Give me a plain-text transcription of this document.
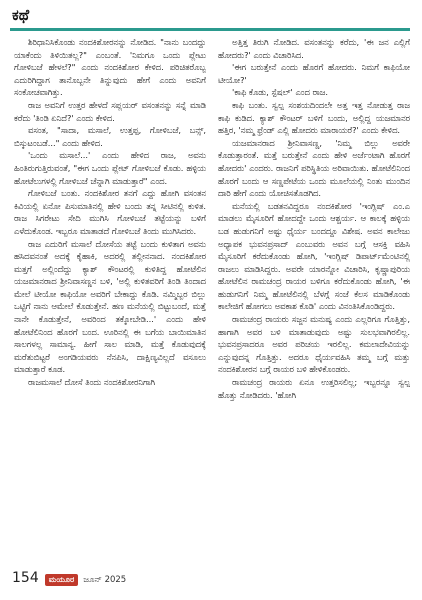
ಕಥೆ

ಶಿರಿಧಾನಿಸಿಕೊಂಡು ನಂದಕಿಶೋರನನ್ನು ನೋಡಿದ. "ನಾನು ಬಂದದ್ದು ಯಾಕೆಂದು ತಿಳಿಯಿತಲ್ಲ?" ಎಂಬಂತೆ. 'ನಿಮಗೂ ಒಂದು ಪ್ಲೇಟು ಗೋಳಿಬಜೆ ಹೇಳಲೆ?" ಎಂದು ನಂದಕಿಶೋರ ಕೇಳಿದ. ಪರಿಚಿತರೊಬ್ಬ ಎದುರಿಗಿದ್ದಾಗ ತಾನೊಬ್ಬನೇ ತಿನ್ನುವುದು ಹೇಗೆ ಎಂದು ಅವನಿಗೆ ಸಂಕೋಚವಾಗಿತ್ತು.

ರಾಜ ಅವನಿಗೆ ಉತ್ತರ ಹೇಳದೆ ಸಪ್ಲಯರ್ ವಸಂತನನ್ನು ಸನ್ನೆ ಮಾಡಿ ಕರೆದು 'ತಿಂಡಿ ಏನಿದೆ?' ಎಂದು ಕೇಳಿದ.

ವಸಂತ, "ಸಾದಾ, ಮಸಾಲೆ, ಉತ್ತಪ್ಪ, ಗೋಳಿಬಜೆ, ಬನ್ಸ್, ಬಿಸ್ಕುಟಂಬಡೆ..." ಎಂದು ಹೇಳಿದ.

'ಒಂದು ಮಸಾಲೆ...' ಎಂದು ಹೇಳಿದ ರಾಜ, ಅವನು ಹಿಂತಿರುಗುತ್ತಿರುವಂತೆ, "ಈಗ ಒಂದು ಪ್ಲೇಟ್ ಗೋಳಿಬಜೆ ಕೊಡು. ಹಳ್ಳಿಯ ಹೋಟೆಲುಗಳಲ್ಲಿ ಗೋಳಿಬಜೆ ಚೆನ್ನಾಗಿ ಮಾಡುತ್ತಾರೆ" ಎಂದ.

ಗೋಳಿಬಜೆ ಬಂತು. ನಂದಕಿಶೋರ ತನಗೆ ಎದ್ದು ಹೋಗಿ ವಸಂತನ ಕಿವಿಯಲ್ಲಿ ಏನೋ ಪಿಸುಮಾತಿನಲ್ಲಿ ಹೇಳಿ ಬಂದು ತನ್ನ ಸೀಟಿನಲ್ಲಿ ಕುಳಿತ. ರಾಜ ಸಿಗರೇಟು ಸೇದಿ ಮುಗಿಸಿ ಗೋಳಿಬಜೆ ತಟ್ಟೆಯನ್ನು ಬಳಿಗೆ ಎಳೆದುಕೊಂಡ. ಇಬ್ಬರೂ ಮಾತಾಡದೆ ಗೋಳಿಬಜೆ ತಿಂದು ಮುಗಿಸಿದರು.

ರಾಜ ಎದುರಿಗೆ ಮಸಾಲೆ ದೋಸೆಯ ತಟ್ಟೆ ಬಂದು ಕುಳಿತಾಗ ಅವನು ಹಸಿದವನಂತೆ ಅದಕ್ಕೆ ಕೈಹಾಕಿ, ಅದರಲ್ಲಿ ತಲ್ಲೀನನಾದ. ನಂದಕಿಶೋರ ಮತ್ತಗೆ ಅಲ್ಲಿಂದೆದ್ದು ಕ್ಯಾಶ್ ಕೌಂಟರಲ್ಲಿ ಕುಳಿತಿದ್ದ ಹೋಟೆಲಿನ ಯಜಮಾನರಾದ ಶ್ರೀನಿವಾಸಣ್ಣನ ಬಳಿ, 'ಅಲ್ಲಿ ಕುಳಿತವರಿಗೆ ತಿಂಡಿ ತಿಂದಾದ ಮೇಲೆ ಟೀಯೋ ಕಾಫಿಯೋ ಅವರಿಗೆ ಬೇಕಾದ್ದು ಕೊಡಿ. ನಮ್ಮಿಬ್ಬರ ಬಿಲ್ಲು ಒಟ್ಟಿಗೆ ನಾನು ಆಮೇಲೆ ಕೊಡುತ್ತೇನೆ. ಹಣ ಮನೆಯಲ್ಲಿ ಬಿಟ್ಟುಬಂದೆ, ಮತ್ತೆ ನಾನೇ ಕೊಡುತ್ತೇನೆ, ಅವರಿಂದ ತಕ್ಕೋಬೇಡಿ...' ಎಂದು ಹೇಳಿ ಹೋಟೆಲಿನಿಂದ ಹೊರಗೆ ಬಂದ. ಊರಿನಲ್ಲಿ ಈ ಬಗೆಯ ಬಾಯಿಮಾತಿನ ಸಾಲಗಳಲ್ಲ ಸಾಮಾನ್ಯ. ಹೀಗೆ ಸಾಲ ಮಾಡಿ, ಮತ್ತೆ ಕೊಡುವುದಕ್ಕೆ ಮರೆತುಬಿಟ್ಟರೆ ಅಂಗಡಿಯವರು ನೆನಪಿಸಿ, ದಾಕ್ಷಿಣ್ಯವಿಲ್ಲದೆ ವಸೂಲು ಮಾಡುತ್ತಾರೆ ಕೂಡ.

ರಾಜಮಸಾಲೆ ದೋಸೆ ತಿಂದು ನಂದಕಿಶೋರನಿಗಾಗಿ

ಅತ್ತಿತ್ತ ತಿರುಗಿ ನೋಡಿದ. ವಸಂತನನ್ನು ಕರೆದು, 'ಈ ಜನ ಎಲ್ಲಿಗೆ ಹೋದರು?' ಎಂದು ವಿಚಾರಿಸಿದ.

'ಈಗ ಬರುತ್ತೇನೆ ಎಂದು ಹೊರಗೆ ಹೋದರು. ನಿಮಗೆ ಕಾಫಿಯೋ ಟೀಯೋ?'

'ಕಾಫಿ ಕೊಡು, ಸ್ಪೆಷಲ್' ಎಂದ ರಾಜ.

ಕಾಫಿ ಬಂತು. ಸ್ವಲ್ಪ ಸಂಶಯದಿಂದಲೇ ಅತ್ತ ಇತ್ತ ನೋಡುತ್ತ ರಾಜ ಕಾಫಿ ಕುಡಿದ. ಕ್ಯಾಶ್ ಕೌಂಟರ್ ಬಳಿಗೆ ಬಂದು, ಅಲ್ಲಿದ್ದ ಯಜಮಾನರ ಹತ್ತಿರ, 'ನಮ್ಮ ಫ್ರೆಂಡ್ ಎಲ್ಲಿ ಹೋದರು ಮಾರಾಯರೆ?' ಎಂದು ಕೇಳಿದ.

ಯಜಮಾನರಾದ ಶ್ರೀನಿವಾಸಣ್ಣ, 'ನಿಮ್ಮ ಬಿಲ್ಲು ಅವರೇ ಕೊಡುತ್ತಾರಂತೆ. ಮತ್ತೆ ಬರುತ್ತೇನೆ ಎಂದು ಹೇಳಿ ಅರ್ಜೆಂಟಾಗಿ ಹೊರಗೆ ಹೋದರು' ಎಂದರು. ರಾಜನಿಗೆ ಪರಿಸ್ಥಿತಿಯ ಅರಿವಾಯಿತು. ಹೋಟೆಲಿನಿಂದ ಹೊರಗೆ ಬಂದು ಆ ಸಣ್ಣಪೇಟೆಯ ಒಂದು ಮೂಲೆಯಲ್ಲಿ ನಿಂತು ಮುಂದಿನ ದಾರಿ ಹೇಗೆ ಎಂದು ಯೋಚಿಸತೊಡಗಿದ.

ಮನೆಯಲ್ಲಿ ಬಡತನವಿದ್ದರೂ ನಂದಕಿಶೋರ 'ಇಂಗ್ಲಿಷ್ ಎಂ.ಎ ಮಾಡಲು ಮೈಸೂರಿಗೆ ಹೋದದ್ದೇ ಒಂದು ಆಶ್ಚರ್ಯ. ಆ ಕಾಲಕ್ಕೆ ಹಳ್ಳಿಯ ಬಡ ಹುಡುಗನಿಗೆ ಅಷ್ಟು ಧೈರ್ಯ ಬಂದದ್ದೂ ವಿಶೇಷ. ಅವನ ಕಾಲೇಜು ಅಧ್ಯಾಪಕ ಭುವನಪ್ರಸಾದ್ ಎಂಬುವರು ಅವನ ಬಗ್ಗೆ ಆಸಕ್ತಿ ವಹಿಸಿ ಮೈಸೂರಿಗೆ ಕರೆದುಕೊಂಡು ಹೋಗಿ, 'ಇಂಗ್ಲಿಷ್ ಡಿಪಾರ್ಟ್‌ಮೆಂಟಿನಲ್ಲಿ ರಾಜಲು ಮಾಡಿಸಿದ್ದರು. ಅವರೇ ಯಾರನ್ನೋ ವಿಚಾರಿಸಿ, ಕೃಷ್ಣಾಪುರಿಯ ಹೋಟೆಲಿನ ರಾಮಚಂದ್ರ ರಾಯರ ಬಳಿಗೂ ಕರೆದುಕೊಂಡು ಹೋಗಿ, 'ಈ ಹುಡುಗನಿಗೆ ನಿಮ್ಮ ಹೋಟೆಲಿನಲ್ಲಿ ಬೆಳಗ್ಗೆ ಸಂಜೆ ಕೆಲಸ ಮಾಡಿಕೊಂಡು ಕಾಲೇಜಿಗೆ ಹೋಗಲು ಅವಕಾಶ ಕೊಡಿ' ಎಂದು ವಿನಂತಿಸಿಕೊಂಡಿದ್ದರು.

ರಾಮಚಂದ್ರ ರಾಯರು ಸಜ್ಜನ ಮನುಷ್ಯ ಎಂದು ಎಲ್ಲರಿಗೂ ಗೊತ್ತಿತ್ತು, ಹಾಗಾಗಿ ಅವರ ಬಳಿ ಮಾತಾಡುವುದು ಅಷ್ಟು ಸುಲಭವಾಗಿರಲಿಲ್ಲ. ಭುವನಪ್ರಸಾದರೂ ಅವರ ಪರಿಚಯ ಇರಲಿಲ್ಲ. ಕಮಲಾದೇವಿಯನ್ನು ಎನ್ನುವುದನ್ನ ಗೊತ್ತಿತ್ತು. ಅದರೂ ಧೈರ್ಯವಹಿಸಿ ತಮ್ಮ ಬಗ್ಗೆ ಮತ್ತು ನಂದಕಿಶೋರನ ಬಗ್ಗೆ ರಾಯರ ಬಳಿ ಹೇಳಿಕೊಂಡರು.

ರಾಮಚಂದ್ರ ರಾಯರು ಏನೂ ಉತ್ತರಿಸಲಿಲ್ಲ; ಇಬ್ಬರನ್ನೂ ಸ್ವಲ್ಪ ಹೊತ್ತು ನೋಡಿದರು. 'ಹೋಗಿ

154	ಮಯೂರ	ಜೂನ್ 2025
